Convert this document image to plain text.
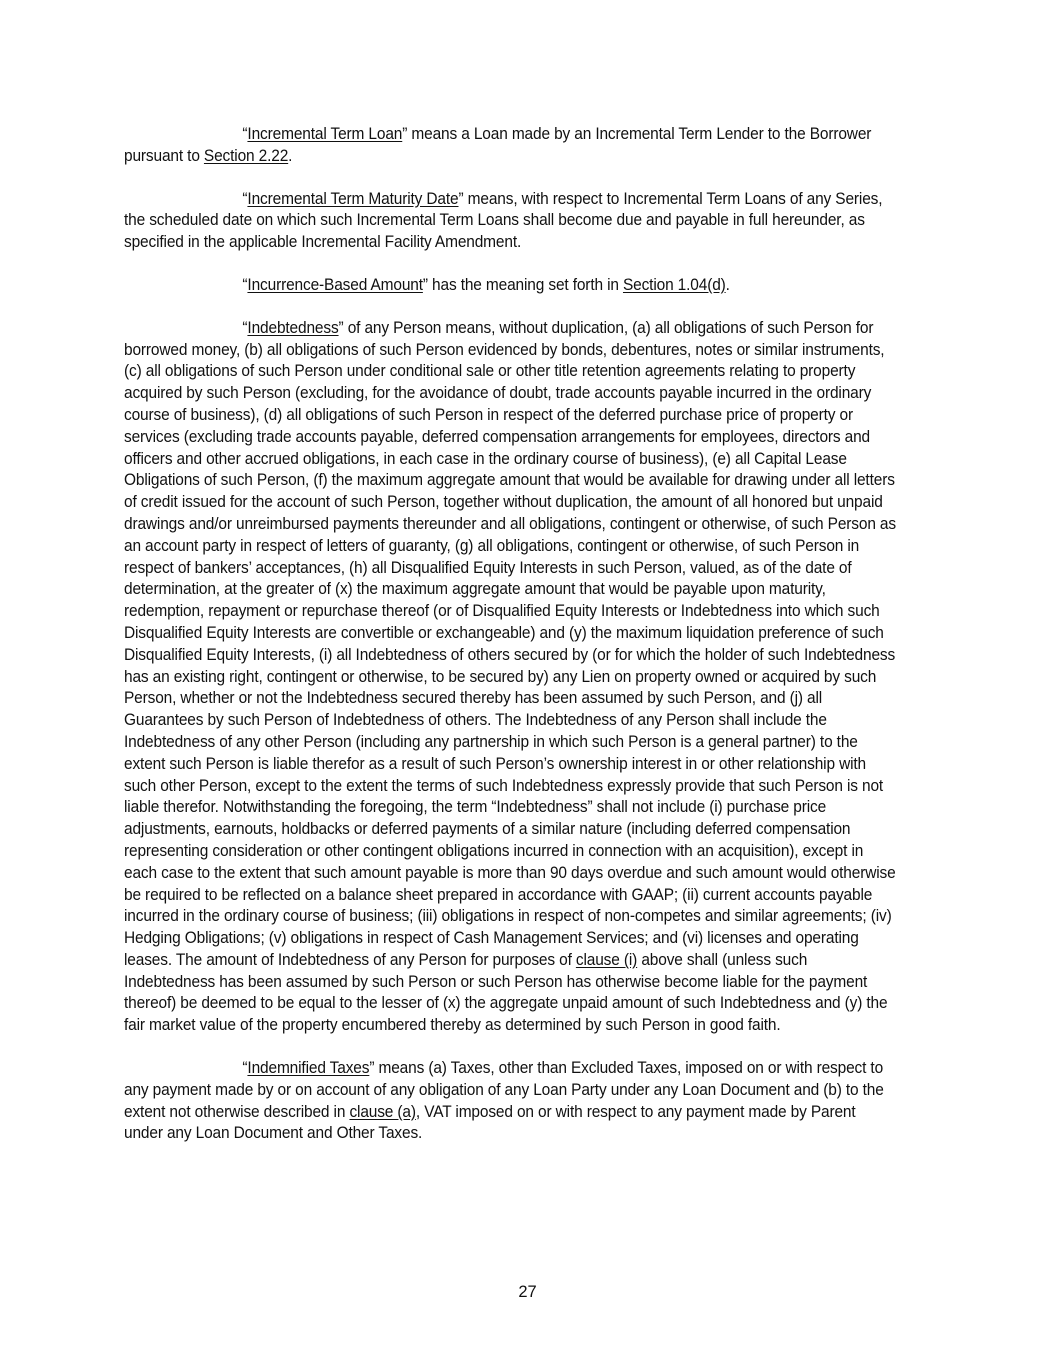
“Incremental Term Loan” means a Loan made by an Incremental Term Lender to the Borrower pursuant to Section 2.22.

“Incremental Term Maturity Date” means, with respect to Incremental Term Loans of any Series, the scheduled date on which such Incremental Term Loans shall become due and payable in full hereunder, as specified in the applicable Incremental Facility Amendment.

“Incurrence-Based Amount” has the meaning set forth in Section 1.04(d).

“Indebtedness” of any Person means, without duplication, (a) all obligations of such Person for borrowed money, (b) all obligations of such Person evidenced by bonds, debentures, notes or similar instruments, (c) all obligations of such Person under conditional sale or other title retention agreements relating to property acquired by such Person (excluding, for the avoidance of doubt, trade accounts payable incurred in the ordinary course of business), (d) all obligations of such Person in respect of the deferred purchase price of property or services (excluding trade accounts payable, deferred compensation arrangements for employees, directors and officers and other accrued obligations, in each case in the ordinary course of business), (e) all Capital Lease Obligations of such Person, (f) the maximum aggregate amount that would be available for drawing under all letters of credit issued for the account of such Person, together without duplication, the amount of all honored but unpaid drawings and/or unreimbursed payments thereunder and all obligations, contingent or otherwise, of such Person as an account party in respect of letters of guaranty, (g) all obligations, contingent or otherwise, of such Person in respect of bankers’ acceptances, (h) all Disqualified Equity Interests in such Person, valued, as of the date of determination, at the greater of (x) the maximum aggregate amount that would be payable upon maturity, redemption, repayment or repurchase thereof (or of Disqualified Equity Interests or Indebtedness into which such Disqualified Equity Interests are convertible or exchangeable) and (y) the maximum liquidation preference of such Disqualified Equity Interests, (i) all Indebtedness of others secured by (or for which the holder of such Indebtedness has an existing right, contingent or otherwise, to be secured by) any Lien on property owned or acquired by such Person, whether or not the Indebtedness secured thereby has been assumed by such Person, and (j) all Guarantees by such Person of Indebtedness of others. The Indebtedness of any Person shall include the Indebtedness of any other Person (including any partnership in which such Person is a general partner) to the extent such Person is liable therefor as a result of such Person’s ownership interest in or other relationship with such other Person, except to the extent the terms of such Indebtedness expressly provide that such Person is not liable therefor. Notwithstanding the foregoing, the term “Indebtedness” shall not include (i) purchase price adjustments, earnouts, holdbacks or deferred payments of a similar nature (including deferred compensation representing consideration or other contingent obligations incurred in connection with an acquisition), except in each case to the extent that such amount payable is more than 90 days overdue and such amount would otherwise be required to be reflected on a balance sheet prepared in accordance with GAAP; (ii) current accounts payable incurred in the ordinary course of business; (iii) obligations in respect of non-competes and similar agreements; (iv) Hedging Obligations; (v) obligations in respect of Cash Management Services; and (vi) licenses and operating leases. The amount of Indebtedness of any Person for purposes of clause (i) above shall (unless such Indebtedness has been assumed by such Person or such Person has otherwise become liable for the payment thereof) be deemed to be equal to the lesser of (x) the aggregate unpaid amount of such Indebtedness and (y) the fair market value of the property encumbered thereby as determined by such Person in good faith.

“Indemnified Taxes” means (a) Taxes, other than Excluded Taxes, imposed on or with respect to any payment made by or on account of any obligation of any Loan Party under any Loan Document and (b) to the extent not otherwise described in clause (a), VAT imposed on or with respect to any payment made by Parent under any Loan Document and Other Taxes.

27
